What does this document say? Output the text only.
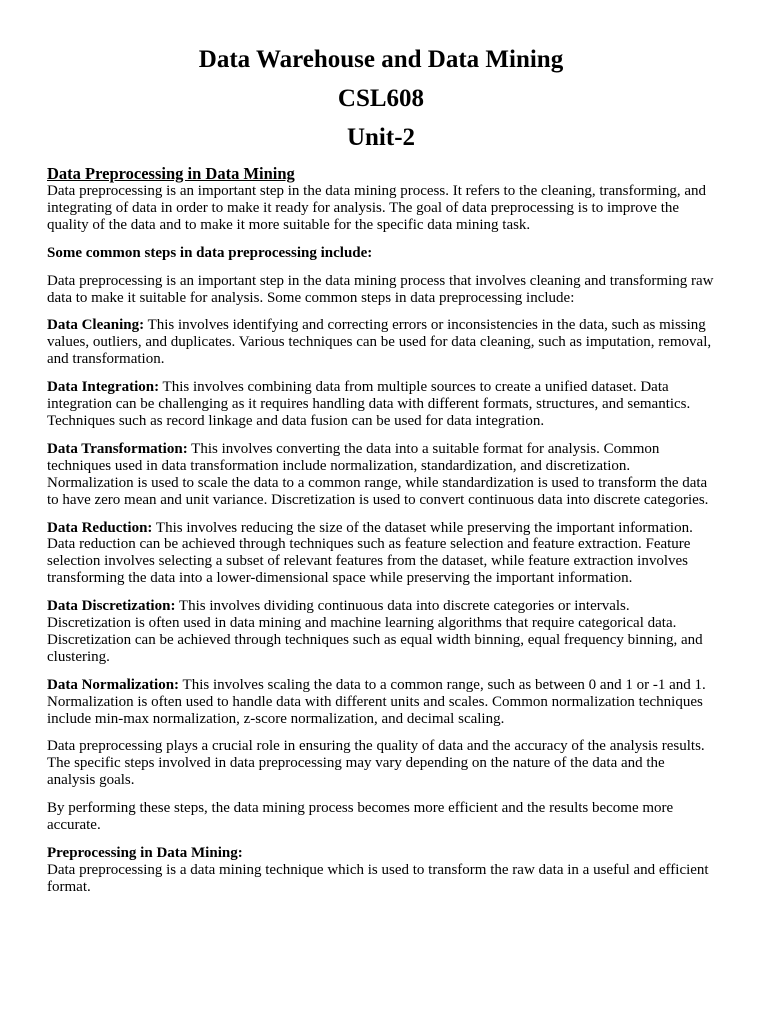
Data Warehouse and Data Mining
CSL608
Unit-2
Data Preprocessing in Data Mining

Data preprocessing is an important step in the data mining process. It refers to the cleaning, transforming, and integrating of data in order to make it ready for analysis. The goal of data preprocessing is to improve the quality of the data and to make it more suitable for the specific data mining task.

Some common steps in data preprocessing include:

Data preprocessing is an important step in the data mining process that involves cleaning and transforming raw data to make it suitable for analysis. Some common steps in data preprocessing include:

Data Cleaning: This involves identifying and correcting errors or inconsistencies in the data, such as missing values, outliers, and duplicates. Various techniques can be used for data cleaning, such as imputation, removal, and transformation.

Data Integration: This involves combining data from multiple sources to create a unified dataset. Data integration can be challenging as it requires handling data with different formats, structures, and semantics. Techniques such as record linkage and data fusion can be used for data integration.

Data Transformation: This involves converting the data into a suitable format for analysis. Common techniques used in data transformation include normalization, standardization, and discretization. Normalization is used to scale the data to a common range, while standardization is used to transform the data to have zero mean and unit variance. Discretization is used to convert continuous data into discrete categories.

Data Reduction: This involves reducing the size of the dataset while preserving the important information. Data reduction can be achieved through techniques such as feature selection and feature extraction. Feature selection involves selecting a subset of relevant features from the dataset, while feature extraction involves transforming the data into a lower-dimensional space while preserving the important information.

Data Discretization: This involves dividing continuous data into discrete categories or intervals. Discretization is often used in data mining and machine learning algorithms that require categorical data. Discretization can be achieved through techniques such as equal width binning, equal frequency binning, and clustering.

Data Normalization: This involves scaling the data to a common range, such as between 0 and 1 or -1 and 1. Normalization is often used to handle data with different units and scales. Common normalization techniques include min-max normalization, z-score normalization, and decimal scaling.

Data preprocessing plays a crucial role in ensuring the quality of data and the accuracy of the analysis results. The specific steps involved in data preprocessing may vary depending on the nature of the data and the analysis goals.

By performing these steps, the data mining process becomes more efficient and the results become more accurate.

Preprocessing in Data Mining:

Data preprocessing is a data mining technique which is used to transform the raw data in a useful and efficient format.
